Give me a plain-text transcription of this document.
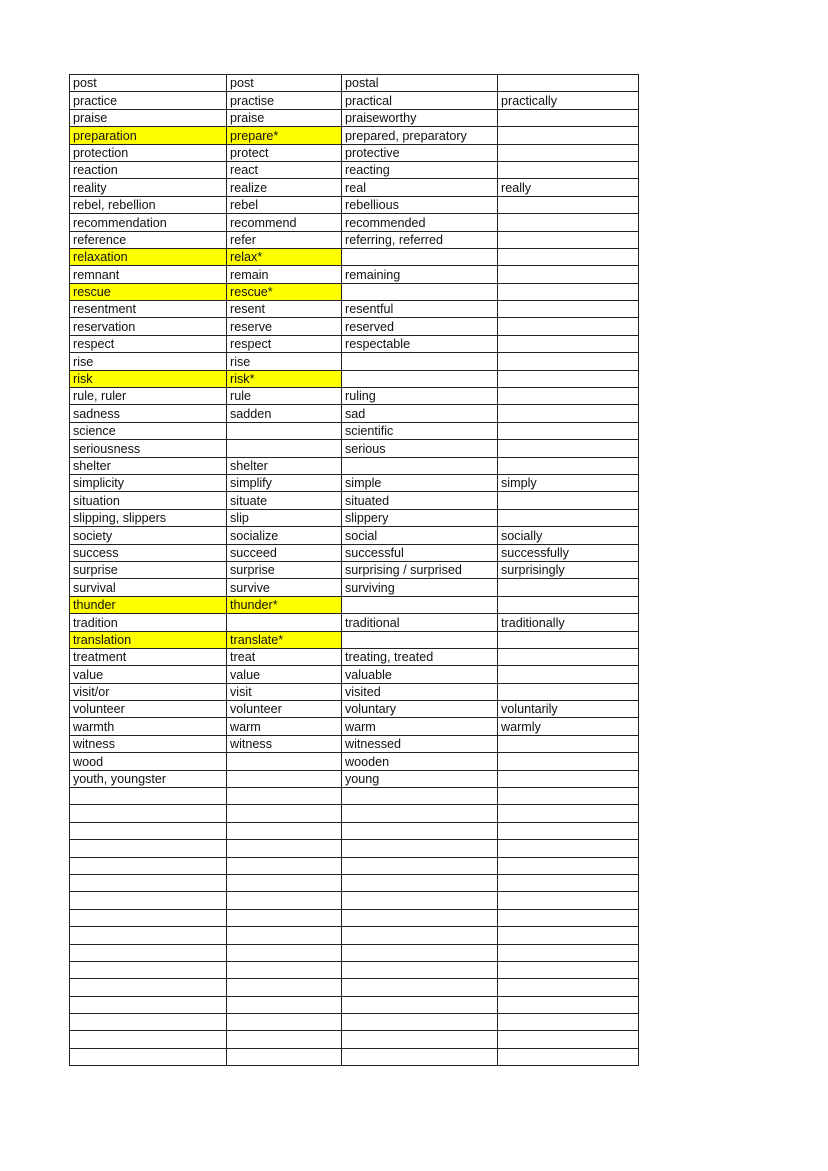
post	post	postal	
practice	practise	practical	practically
praise	praise	praiseworthy	
preparation	prepare*	prepared, preparatory	
protection	protect	protective	
reaction	react	reacting	
reality	realize	real	really
rebel, rebellion	rebel	rebellious	
recommendation	recommend	recommended	
reference	refer	referring, referred	
relaxation	relax*		
remnant	remain	remaining	
rescue	rescue*		
resentment	resent	resentful	
reservation	reserve	reserved	
respect	respect	respectable	
rise	rise		
risk	risk*		
rule, ruler	rule	ruling	
sadness	sadden	sad	
science		scientific	
seriousness		serious	
shelter	shelter		
simplicity	simplify	simple	simply
situation	situate	situated	
slipping, slippers	slip	slippery	
society	socialize	social	socially
success	succeed	successful	successfully
surprise	surprise	surprising / surprised	surprisingly
survival	survive	surviving	
thunder	thunder*		
tradition		traditional	traditionally
translation	translate*		
treatment	treat	treating, treated	
value	value	valuable	
visit/or	visit	visited	
volunteer	volunteer	voluntary	voluntarily
warmth	warm	warm	warmly
witness	witness	witnessed	
wood		wooden	
youth, youngster		young	
